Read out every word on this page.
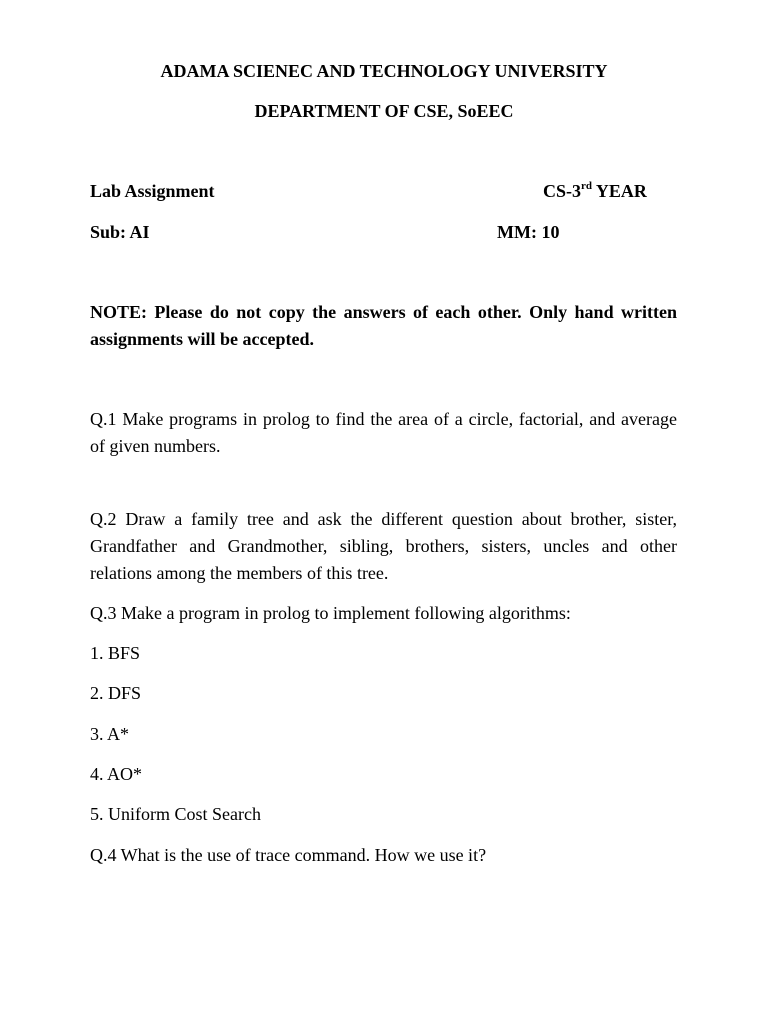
ADAMA SCIENEC AND TECHNOLOGY UNIVERSITY
DEPARTMENT OF CSE, SoEEC
Lab Assignment	CS-3rd YEAR
Sub: AI	MM: 10
NOTE: Please do not copy the answers of each other. Only hand written assignments will be accepted.
Q.1 Make programs in prolog to find the area of a circle, factorial, and average of given numbers.
Q.2 Draw a family tree and ask the different question about brother, sister, Grandfather and Grandmother, sibling, brothers, sisters, uncles and other relations among the members of this tree.
Q.3 Make a program in prolog to implement following algorithms:
1. BFS
2. DFS
3. A*
4. AO*
5. Uniform Cost Search
Q.4 What is the use of trace command. How we use it?
